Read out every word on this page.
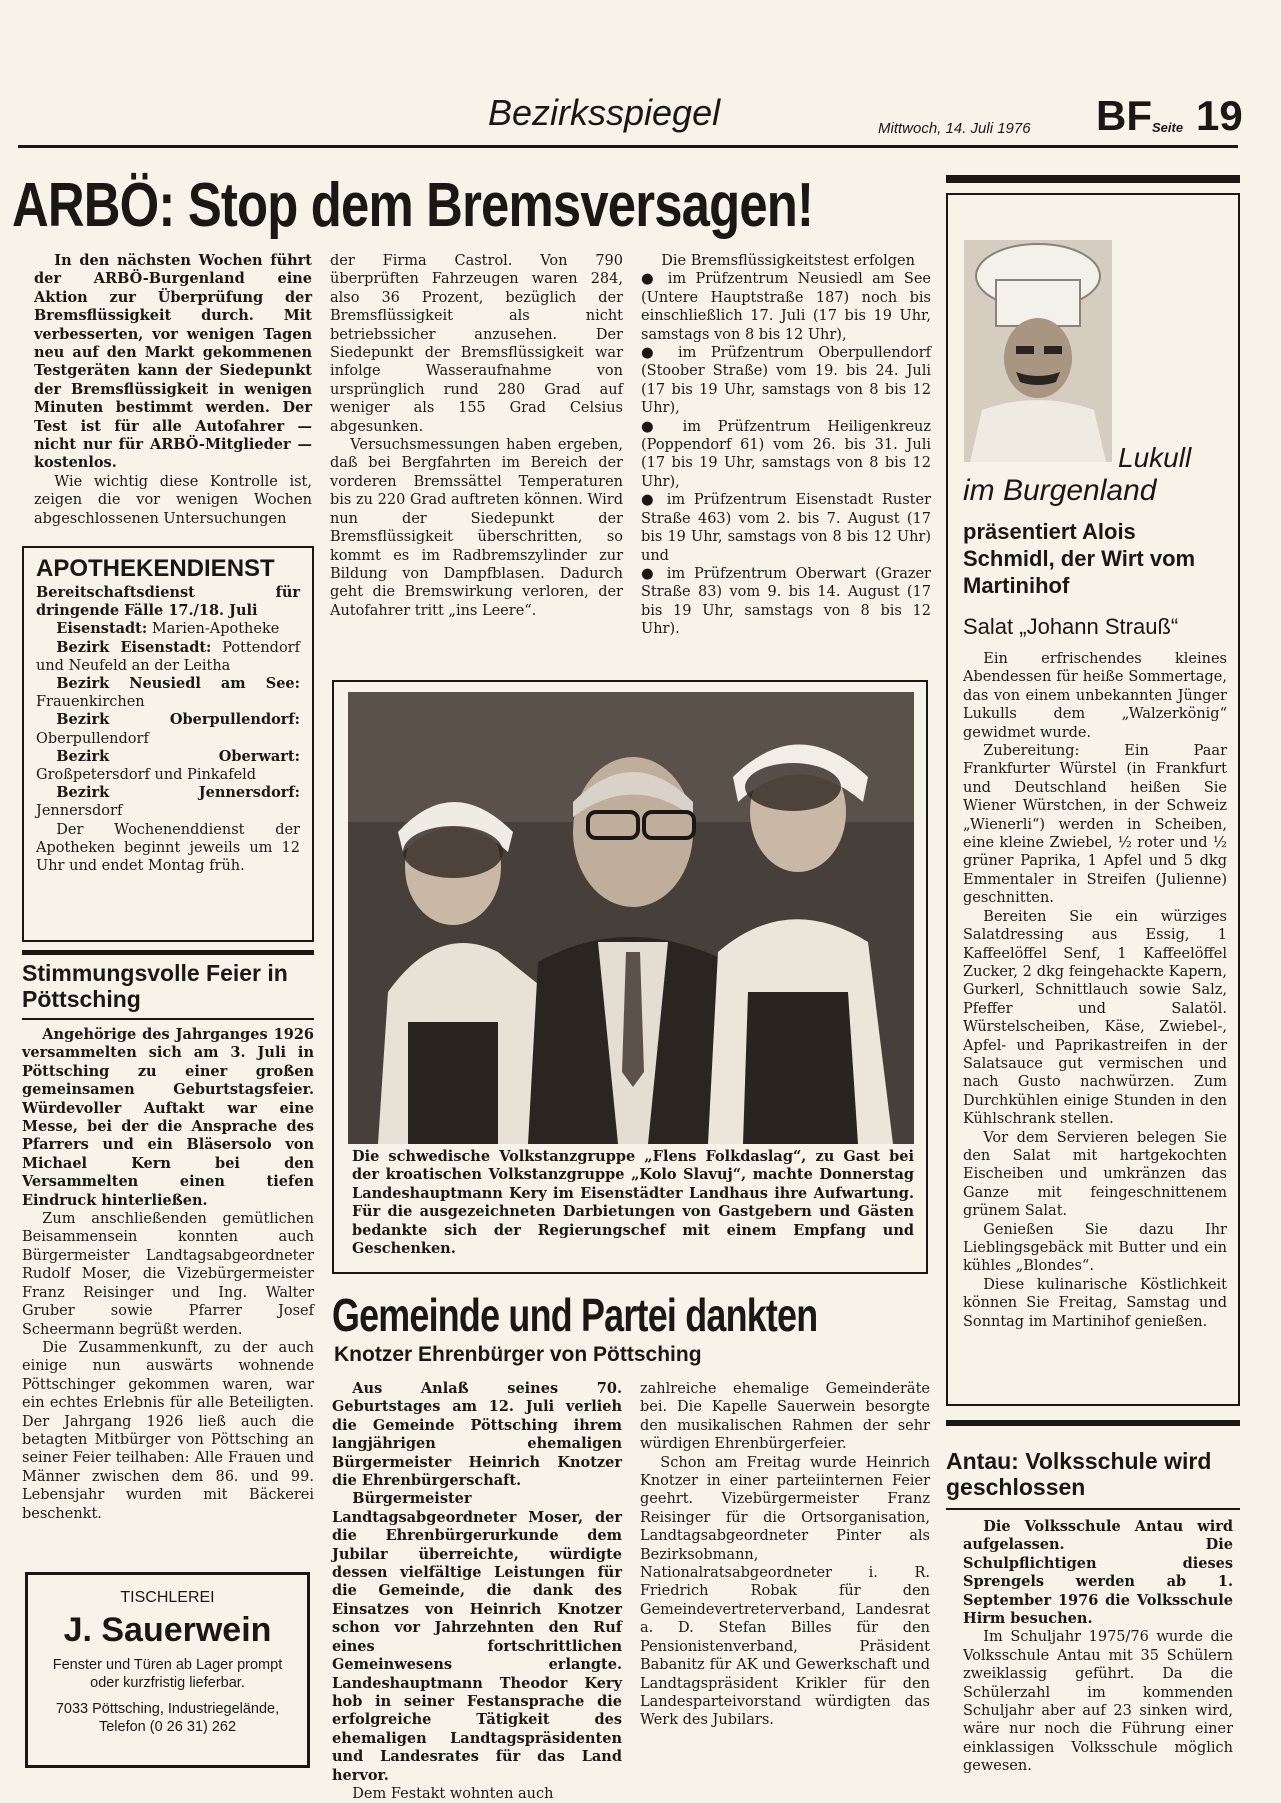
Bezirksspiegel	Mittwoch, 14. Juli 1976 BF Seite 19
ARBÖ: Stop dem Bremsversagen!

In den nächsten Wochen führt der ARBÖ-Burgenland eine Aktion zur Überprüfung der Bremsflüssigkeit durch. Mit verbesserten, vor wenigen Tagen neu auf den Markt gekommenen Testgeräten kann der Siedepunkt der Bremsflüssigkeit in wenigen Minuten bestimmt werden. Der Test ist für alle Autofahrer — nicht nur für ARBÖ-Mitglieder — kostenlos.

Wie wichtig diese Kontrolle ist, zeigen die vor wenigen Wochen abgeschlossenen Untersuchungen

der Firma Castrol. Von 790 überprüften Fahrzeugen waren 284, also 36 Prozent, bezüglich der Bremsflüssigkeit als nicht betriebssicher anzusehen. Der Siedepunkt der Bremsflüssigkeit war infolge Wasseraufnahme von ursprünglich rund 280 Grad auf weniger als 155 Grad Celsius abgesunken.

Versuchsmessungen haben ergeben, daß bei Bergfahrten im Bereich der vorderen Bremssättel Temperaturen bis zu 220 Grad auftreten können. Wird nun der Siedepunkt der Bremsflüssigkeit überschritten, so kommt es im Radbremszylinder zur Bildung von Dampfblasen. Dadurch geht die Bremswirkung verloren, der Autofahrer tritt „ins Leere“.

Die Bremsflüssigkeitstest erfolgen

● im Prüfzentrum Neusiedl am See (Untere Hauptstraße 187) noch bis einschließlich 17. Juli (17 bis 19 Uhr, samstags von 8 bis 12 Uhr),

● im Prüfzentrum Oberpullendorf (Stoober Straße) vom 19. bis 24. Juli (17 bis 19 Uhr, samstags von 8 bis 12 Uhr),

● im Prüfzentrum Heiligenkreuz (Poppendorf 61) vom 26. bis 31. Juli (17 bis 19 Uhr, samstags von 8 bis 12 Uhr),

● im Prüfzentrum Eisenstadt Ruster Straße 463) vom 2. bis 7. August (17 bis 19 Uhr, samstags von 8 bis 12 Uhr) und

● im Prüfzentrum Oberwart (Grazer Straße 83) vom 9. bis 14. August (17 bis 19 Uhr, samstags von 8 bis 12 Uhr).

APOTHEKENDIENST

Bereitschaftsdienst für dringende Fälle 17./18. Juli

Eisenstadt: Marien-Apotheke

Bezirk Eisenstadt: Pottendorf und Neufeld an der Leitha

Bezirk Neusiedl am See: Frauenkirchen

Bezirk Oberpullendorf: Oberpullendorf

Bezirk Oberwart: Großpetersdorf und Pinkafeld

Bezirk Jennersdorf: Jennersdorf

Der Wochenenddienst der Apotheken beginnt jeweils um 12 Uhr und endet Montag früh.

Stimmungsvolle Feier in Pöttsching

Angehörige des Jahrganges 1926 versammelten sich am 3. Juli in Pöttsching zu einer großen gemeinsamen Geburtstagsfeier. Würdevoller Auftakt war eine Messe, bei der die Ansprache des Pfarrers und ein Bläsersolo von Michael Kern bei den Versammelten einen tiefen Eindruck hinterließen.

Zum anschließenden gemütlichen Beisammensein konnten auch Bürgermeister Landtagsabgeordneter Rudolf Moser, die Vizebürgermeister Franz Reisinger und Ing. Walter Gruber sowie Pfarrer Josef Scheermann begrüßt werden.

Die Zusammenkunft, zu der auch einige nun auswärts wohnende Pöttschinger gekommen waren, war ein echtes Erlebnis für alle Beteiligten. Der Jahrgang 1926 ließ auch die betagten Mitbürger von Pöttsching an seiner Feier teilhaben: Alle Frauen und Männer zwischen dem 86. und 99. Lebensjahr wurden mit Bäckerei beschenkt.

TISCHLEREI
J. Sauerwein
Fenster und Türen ab Lager prompt oder kurzfristig lieferbar.
7033 Pöttsching, Industriegelände, Telefon (0 26 31) 262
Die schwedische Volkstanzgruppe „Flens Folkdaslag“, zu Gast bei der kroatischen Volkstanzgruppe „Kolo Slavuj“, machte Donnerstag Landeshauptmann Kery im Eisenstädter Landhaus ihre Aufwartung. Für die ausgezeichneten Darbietungen von Gastgebern und Gästen bedankte sich der Regierungschef mit einem Empfang und Geschenken.
Gemeinde und Partei dankten
Knotzer Ehrenbürger von Pöttsching

Aus Anlaß seines 70. Geburtstages am 12. Juli verlieh die Gemeinde Pöttsching ihrem langjährigen ehemaligen Bürgermeister Heinrich Knotzer die Ehrenbürgerschaft.

Bürgermeister Landtagsabgeordneter Moser, der die Ehrenbürgerurkunde dem Jubilar überreichte, würdigte dessen vielfältige Leistungen für die Gemeinde, die dank des Einsatzes von Heinrich Knotzer schon vor Jahrzehnten den Ruf eines fortschrittlichen Gemeinwesens erlangte. Landeshauptmann Theodor Kery hob in seiner Festansprache die erfolgreiche Tätigkeit des ehemaligen Landtagspräsidenten und Landesrates für das Land hervor.

Dem Festakt wohnten auch

zahlreiche ehemalige Gemeinderäte bei. Die Kapelle Sauerwein besorgte den musikalischen Rahmen der sehr würdigen Ehrenbürgerfeier.

Schon am Freitag wurde Heinrich Knotzer in einer parteiinternen Feier geehrt. Vizebürgermeister Franz Reisinger für die Ortsorganisation, Landtagsabgeordneter Pinter als Bezirksobmann, Nationalratsabgeordneter i. R. Friedrich Robak für den Gemeindevertreterverband, Landesrat a. D. Stefan Billes für den Pensionistenverband, Präsident Babanitz für AK und Gewerkschaft und Landtagspräsident Krikler für den Landesparteivorstand würdigten das Werk des Jubilars.

Lukull
im Burgenland
präsentiert Alois Schmidl, der Wirt vom Martinihof
Salat „Johann Strauß“

Ein erfrischendes kleines Abendessen für heiße Sommertage, das von einem unbekannten Jünger Lukulls dem „Walzerkönig“ gewidmet wurde.

Zubereitung: Ein Paar Frankfurter Würstel (in Frankfurt und Deutschland heißen Sie Wiener Würstchen, in der Schweiz „Wienerli“) werden in Scheiben, eine kleine Zwiebel, ½ roter und ½ grüner Paprika, 1 Apfel und 5 dkg Emmentaler in Streifen (Julienne) geschnitten.

Bereiten Sie ein würziges Salatdressing aus Essig, 1 Kaffeelöffel Senf, 1 Kaffeelöffel Zucker, 2 dkg feingehackte Kapern, Gurkerl, Schnittlauch sowie Salz, Pfeffer und Salatöl. Würstelscheiben, Käse, Zwiebel-, Apfel- und Paprikastreifen in der Salatsauce gut vermischen und nach Gusto nachwürzen. Zum Durchkühlen einige Stunden in den Kühlschrank stellen.

Vor dem Servieren belegen Sie den Salat mit hartgekochten Eischeiben und umkränzen das Ganze mit feingeschnittenem grünem Salat.

Genießen Sie dazu Ihr Lieblingsgebäck mit Butter und ein kühles „Blondes“.

Diese kulinarische Köstlichkeit können Sie Freitag, Samstag und Sonntag im Martinihof genießen.

Antau: Volksschule wird geschlossen

Die Volksschule Antau wird aufgelassen. Die Schulpflichtigen dieses Sprengels werden ab 1. September 1976 die Volksschule Hirm besuchen.

Im Schuljahr 1975/76 wurde die Volksschule Antau mit 35 Schülern zweiklassig geführt. Da die Schülerzahl im kommenden Schuljahr aber auf 23 sinken wird, wäre nur noch die Führung einer einklassigen Volksschule möglich gewesen.
